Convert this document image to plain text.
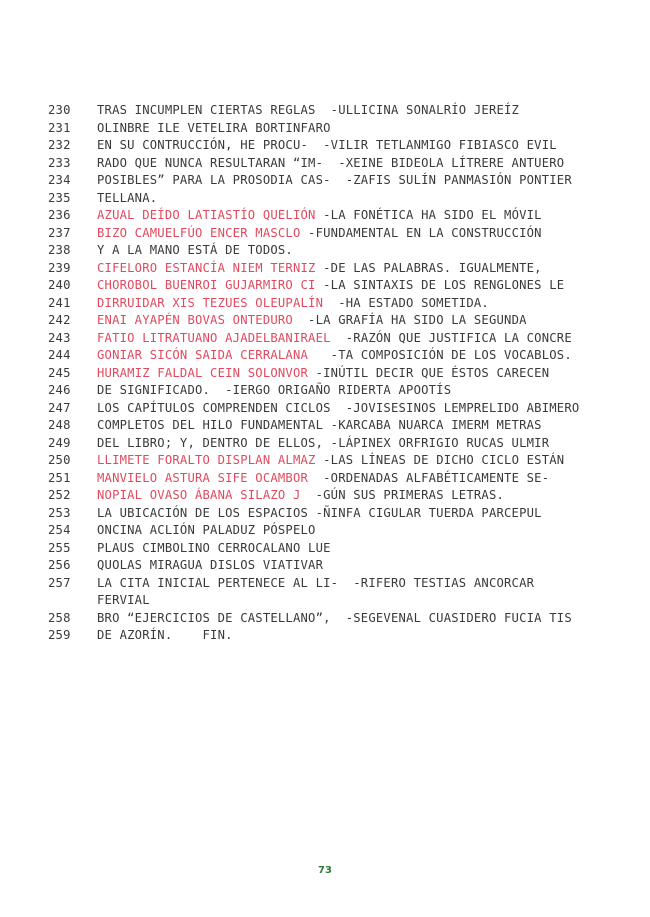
230	TRAS INCUMPLEN CIERTAS REGLAS  -ULLICINA SONALRÍO JEREÍZ
231	OLINBRE ILE VETELIRA BORTINFARO
232	EN SU CONTRUCCIÓN, HE PROCU-  -VILIR TETLANMIGO FIBIASCO EVIL
233	RADO QUE NUNCA RESULTARAN “IM-  -XEINE BIDEOLA LÍTRERE ANTUERO
234	POSIBLES” PARA LA PROSODIA CAS-  -ZAFIS SULÍN PANMASIÓN PONTIER
235	TELLANA.
236	AZUAL DEÍDO LATIASTÍO QUELIÓN -LA FONÉTICA HA SIDO EL MÓVIL
237	BIZO CAMUELFÚO ENCER MASCLO -FUNDAMENTAL EN LA CONSTRUCCIÓN
238	Y A LA MANO ESTÁ DE TODOS.
239	CIFELORO ESTANCÍA NIEM TERNIZ -DE LAS PALABRAS. IGUALMENTE,
240	CHOROBOL BUENROI GUJARMIRO CI -LA SINTAXIS DE LOS RENGLONES LE
241	DIRRUIDAR XIS TEZUES OLEUPALÍN  -HA ESTADO SOMETIDA.
242	ENAI AYAPÉN BOVAS ONTEDURO  -LA GRAFÍA HA SIDO LA SEGUNDA
243	FATIO LITRATUANO AJADELBANIRAEL  -RAZÓN QUE JUSTIFICA LA CONCRE
244	GONIAR SICÓN SAIDA CERRALANA   -TA COMPOSICIÓN DE LOS VOCABLOS.
245	HURAMIZ FALDAL CEIN SOLONVOR -INÚTIL DECIR QUE ÉSTOS CARECEN
246	DE SIGNIFICADO.  -IERGO ORIGAÑO RIDERTA APOOTÍS
247	LOS CAPÍTULOS COMPRENDEN CICLOS  -JOVISESINOS LEMPRELIDO ABIMERO
248	COMPLETOS DEL HILO FUNDAMENTAL -KARCABA NUARCA IMERM METRAS
249	DEL LIBRO; Y, DENTRO DE ELLOS, -LÁPINEX ORFRIGIO RUCAS ULMIR
250	LLIMETE FORALTO DISPLAN ALMAZ -LAS LÍNEAS DE DICHO CICLO ESTÁN
251	MANVIELO ASTURA SIFE OCAMBOR  -ORDENADAS ALFABÉTICAMENTE SE-
252	NOPIAL OVASO ÁBANA SILAZO J  -GÚN SUS PRIMERAS LETRAS.
253	LA UBICACIÓN DE LOS ESPACIOS -ÑINFA CIGULAR TUERDA PARCEPUL
254	ONCINA ACLIÓN PALADUZ PÓSPELO
255	PLAUS CIMBOLINO CERROCALANO LUE
256	QUOLAS MIRAGUA DISLOS VIATIVAR
257	LA CITA INICIAL PERTENECE AL LI-  -RIFERO TESTIAS ANCORCAR FERVIAL
258	BRO “EJERCICIOS DE CASTELLANO”,  -SEGEVENAL CUASIDERO FUCIA TIS
259	DE AZORÍN.    FIN.
73
